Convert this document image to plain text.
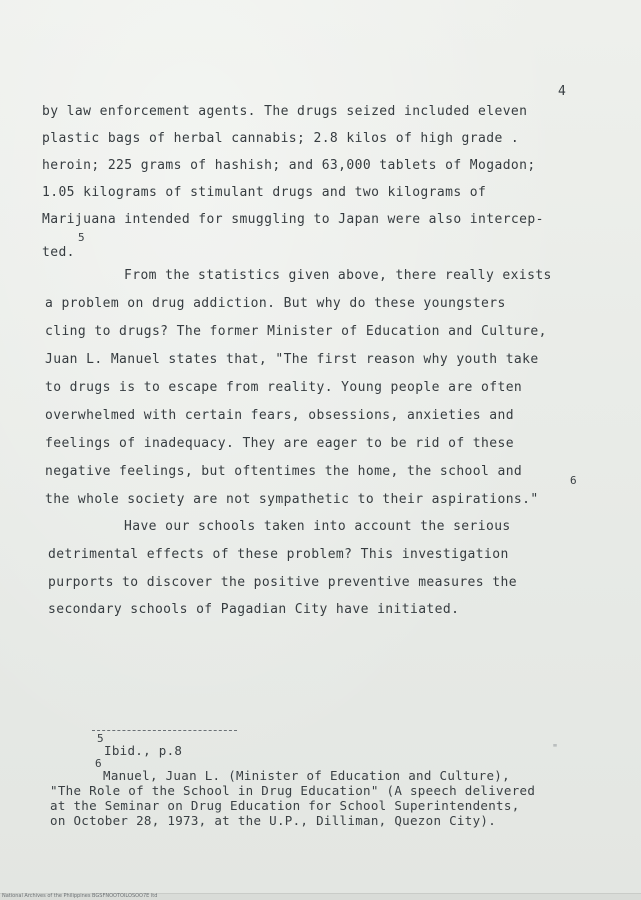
4
by law enforcement agents. The drugs seized included eleven
plastic bags of herbal cannabis; 2.8 kilos of high grade .
heroin; 225 grams of hashish; and 63,000 tablets of Mogadon;
1.05 kilograms of stimulant drugs and two kilograms of
Marijuana intended for smuggling to Japan were also intercep-
5
ted.
From the statistics given above, there really exists
a problem on drug addiction. But why do these youngsters
cling to drugs? The former Minister of Education and Culture,
Juan L. Manuel states that, "The first reason why youth take
to drugs is to escape from reality. Young people are often
overwhelmed with certain fears, obsessions, anxieties and
feelings of inadequacy. They are eager to be rid of these
negative feelings, but oftentimes the home, the school and
6
the whole society are not sympathetic to their aspirations."
Have our schools taken into account the serious
detrimental effects of these problem? This investigation
purports to discover the positive preventive measures the
secondary schools of Pagadian City have initiated.
5
Ibid., p.8	"
6
Manuel, Juan L. (Minister of Education and Culture),
"The Role of the School in Drug Education" (A speech delivered
at the Seminar on Drug Education for School Superintendents,
on October 28, 1973, at the U.P., Dilliman, Quezon City).
National Archives of the Philippines BGSFNOOTOILOSOO7E ltd
